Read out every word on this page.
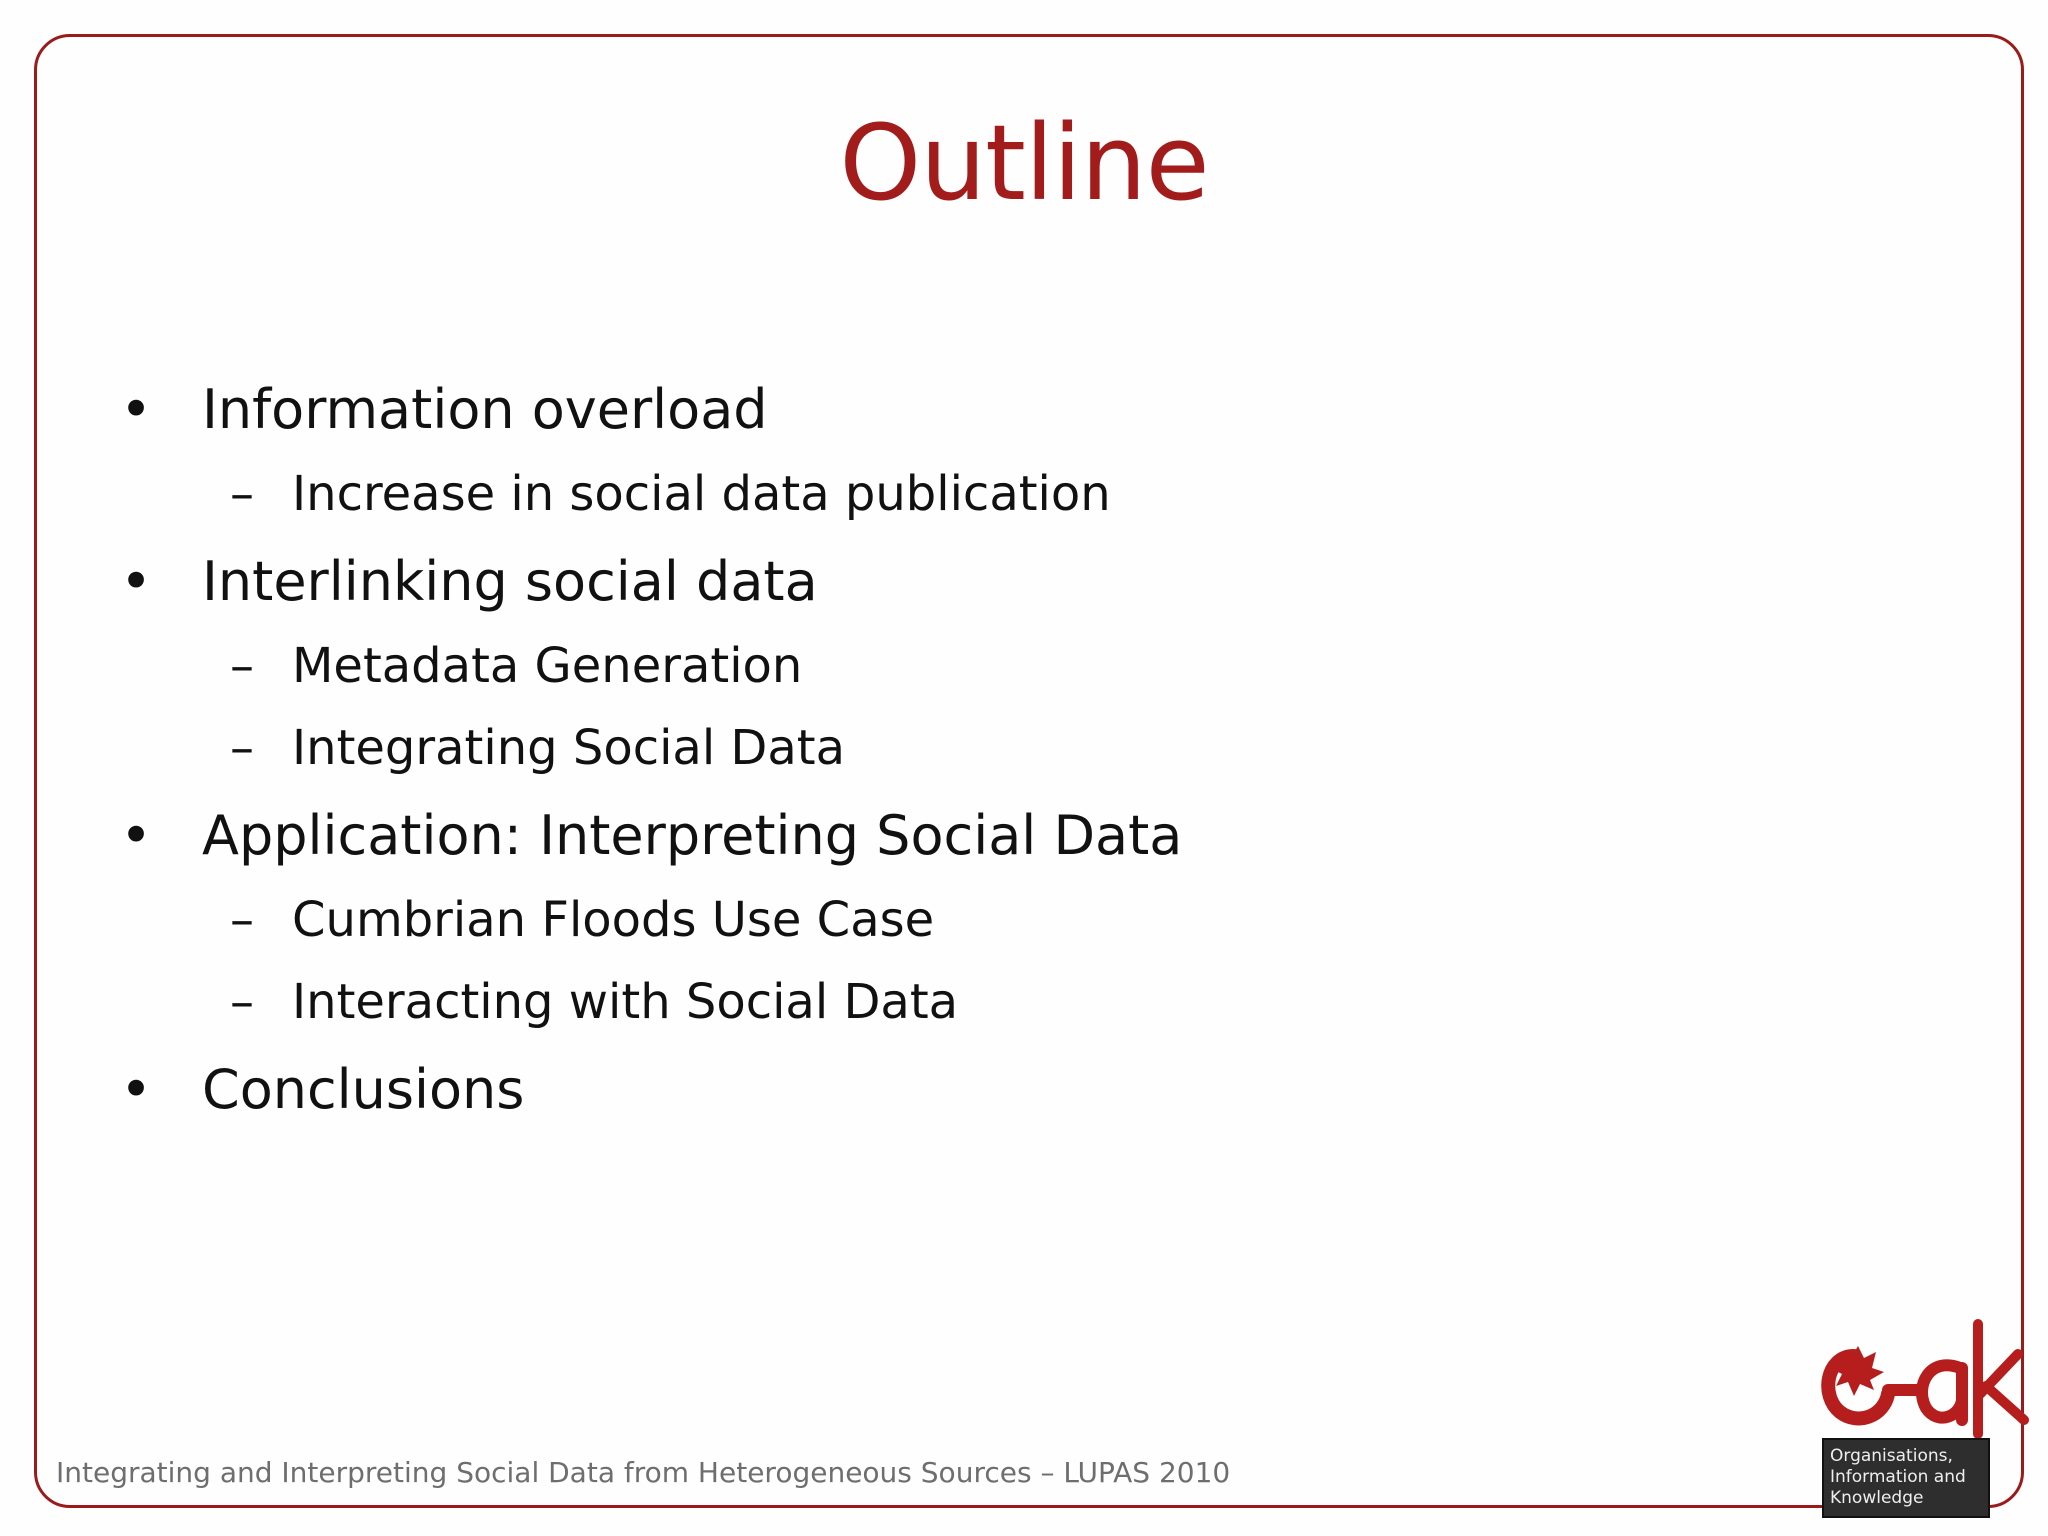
Outline
• Information overload
– Increase in social data publication
• Interlinking social data
– Metadata Generation
– Integrating Social Data
• Application: Interpreting Social Data
– Cumbrian Floods Use Case
– Interacting with Social Data
• Conclusions
Integrating and Interpreting Social Data from Heterogeneous Sources – LUPAS 2010	Organisations,
Information and
Knowledge
